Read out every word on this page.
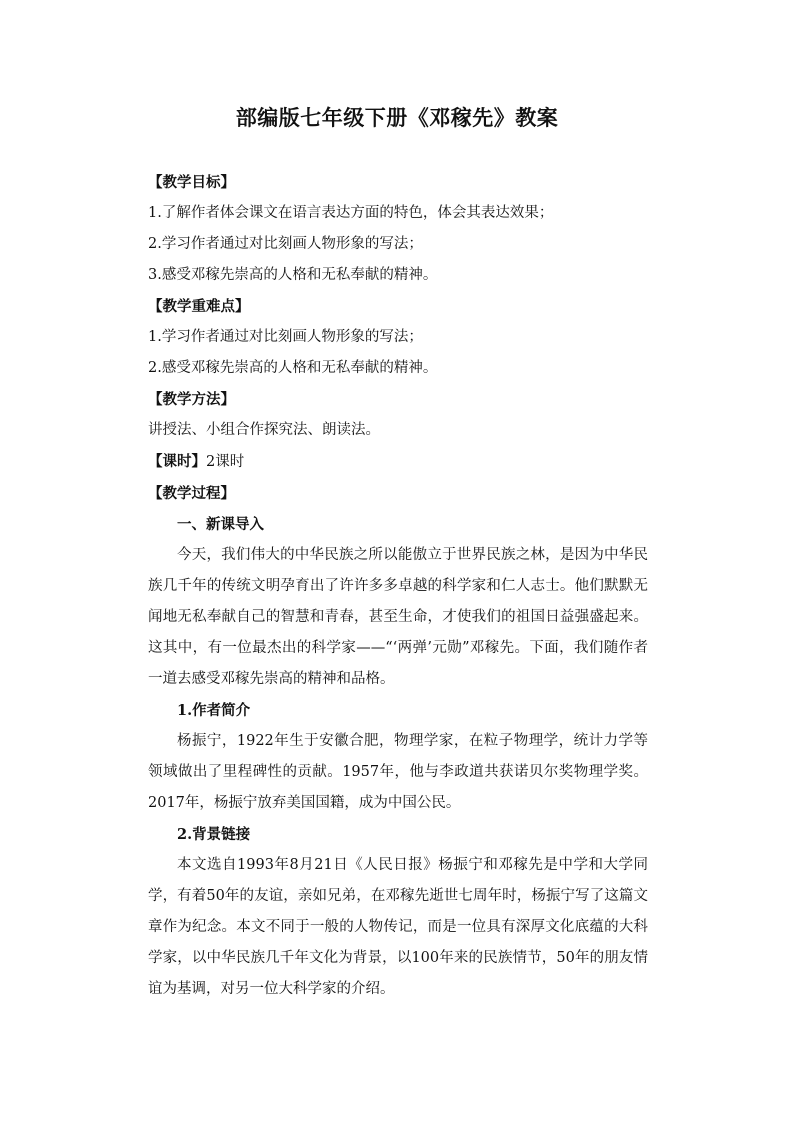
部编版七年级下册《邓稼先》教案

【教学目标】

1.了解作者体会课文在语言表达方面的特色，体会其表达效果；

2.学习作者通过对比刻画人物形象的写法；

3.感受邓稼先崇高的人格和无私奉献的精神。

【教学重难点】

1.学习作者通过对比刻画人物形象的写法；

2.感受邓稼先崇高的人格和无私奉献的精神。

【教学方法】

讲授法、小组合作探究法、朗读法。

【课时】2课时

【教学过程】

一、新课导入

今天，我们伟大的中华民族之所以能傲立于世界民族之林，是因为中华民族几千年的传统文明孕育出了许许多多卓越的科学家和仁人志士。他们默默无闻地无私奉献自己的智慧和青春，甚至生命，才使我们的祖国日益强盛起来。这其中，有一位最杰出的科学家——“‘两弹’元勋”邓稼先。下面，我们随作者一道去感受邓稼先崇高的精神和品格。

1.作者简介

杨振宁，1922年生于安徽合肥，物理学家，在粒子物理学，统计力学等领域做出了里程碑性的贡献。1957年，他与李政道共获诺贝尔奖物理学奖。2017年，杨振宁放弃美国国籍，成为中国公民。

2.背景链接

本文选自1993年8月21日《人民日报》杨振宁和邓稼先是中学和大学同学，有着50年的友谊，亲如兄弟，在邓稼先逝世七周年时，杨振宁写了这篇文章作为纪念。本文不同于一般的人物传记，而是一位具有深厚文化底蕴的大科学家，以中华民族几千年文化为背景，以100年来的民族情节，50年的朋友情谊为基调，对另一位大科学家的介绍。
